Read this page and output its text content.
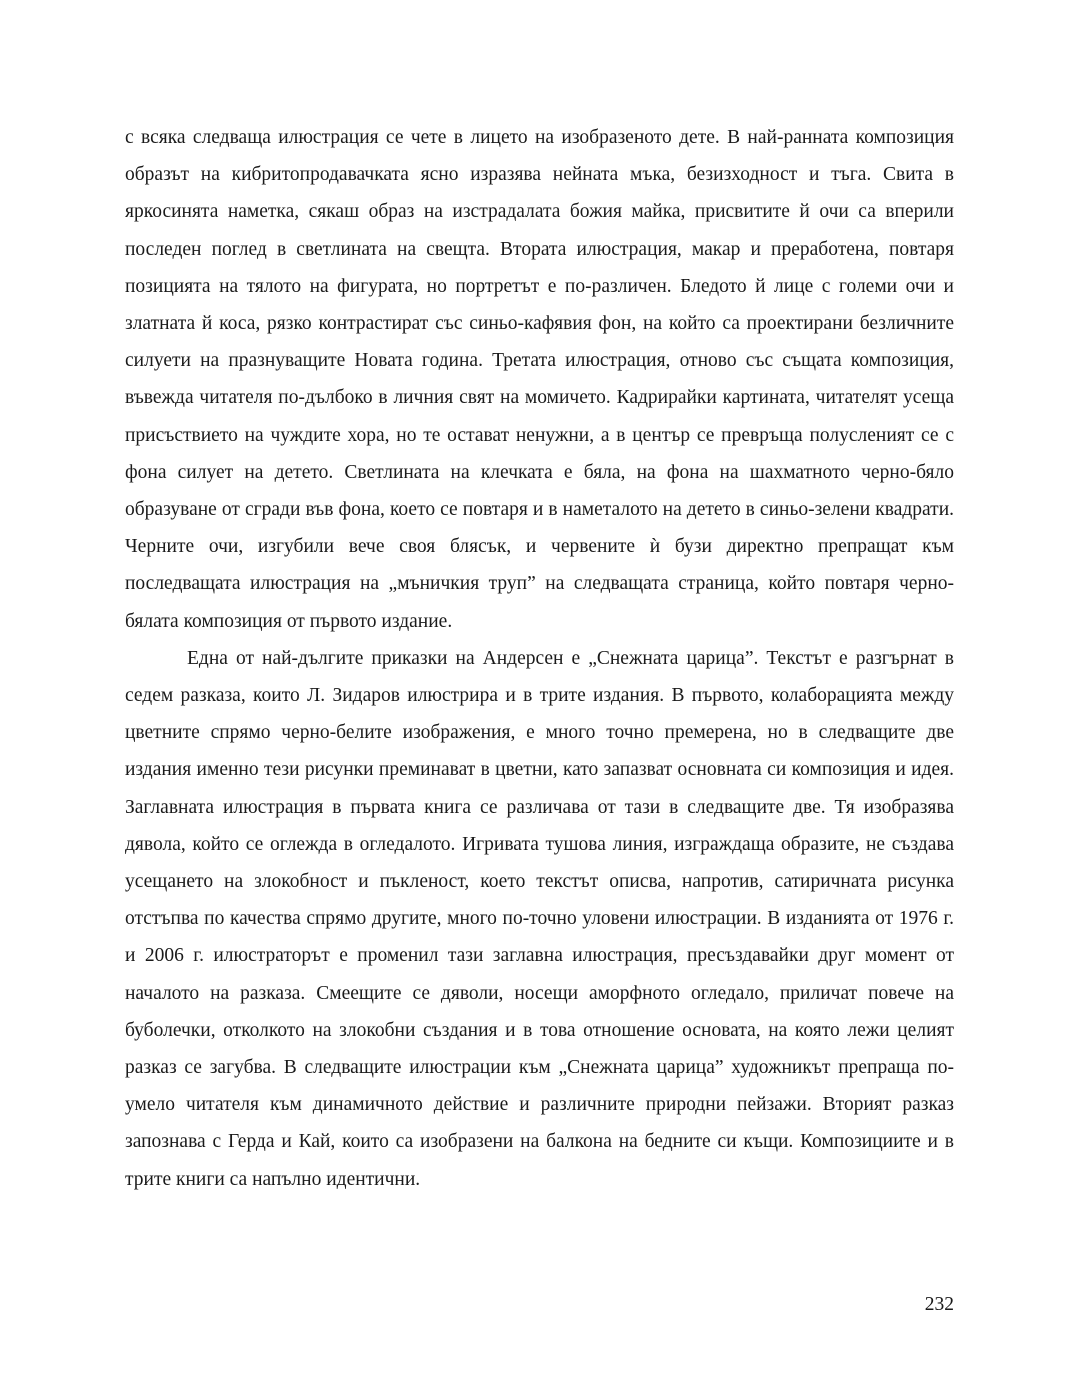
с всяка следваща илюстрация се чете в лицето на изобразеното дете. В най-ранната композиция образът на кибритопродавачката ясно изразява нейната мъка, безизходност и тъга. Свита в яркосинята наметка, сякаш образ на изстрадалата божия майка, присвитите й очи са вперили последен поглед в светлината на свещта. Втората илюстрация, макар и преработена, повтаря позицията на тялото на фигурата, но портретът е по-различен. Бледото й лице с големи очи и златната й коса, рязко контрастират със синьо-кафявия фон, на който са проектирани безличните силуети на празнуващите Новата година. Третата илюстрация, отново със същата композиция, въвежда читателя по-дълбоко в личния свят на момичето. Кадрирайки картината, читателят усеща присъствието на чуждите хора, но те остават ненужни, а в център се превръща полусленият се с фона силует на детето. Светлината на клечката е бяла, на фона на шахматното черно-бяло образуване от сгради във фона, което се повтаря и в наметалото на детето в синьо-зелени квадрати. Черните очи, изгубили вече своя блясък, и червените ѝ бузи директно препращат към последващата илюстрация на „мъничкия труп” на следващата страница, който повтаря черно-бялата композиция от първото издание.

Една от най-дългите приказки на Андерсен е „Снежната царица”. Текстът е разгърнат в седем разказа, които Л. Зидаров илюстрира и в трите издания. В първото, колаборацията между цветните спрямо черно-белите изображения, е много точно премерена, но в следващите две издания именно тези рисунки преминават в цветни, като запазват основната си композиция и идея. Заглавната илюстрация в първата книга се различава от тази в следващите две. Тя изобразява дявола, който се оглежда в огледалото. Игривата тушова линия, изграждаща образите, не създава усещането на злокобност и пъкленост, което текстът описва, напротив, сатиричната рисунка отстъпва по качества спрямо другите, много по-точно уловени илюстрации. В изданията от 1976 г. и 2006 г. илюстраторът е променил тази заглавна илюстрация, пресъздавайки друг момент от началото на разказа. Смеещите се дяволи, носещи аморфното огледало, приличат повече на буболечки, отколкото на злокобни създания и в това отношение основата, на която лежи целият разказ се загубва. В следващите илюстрации към „Снежната царица” художникът препраща по-умело читателя към динамичното действие и различните природни пейзажи. Вторият разказ запознава с Герда и Кай, които са изобразени на балкона на бедните си къщи. Композициите и в трите книги са напълно идентични.

232
